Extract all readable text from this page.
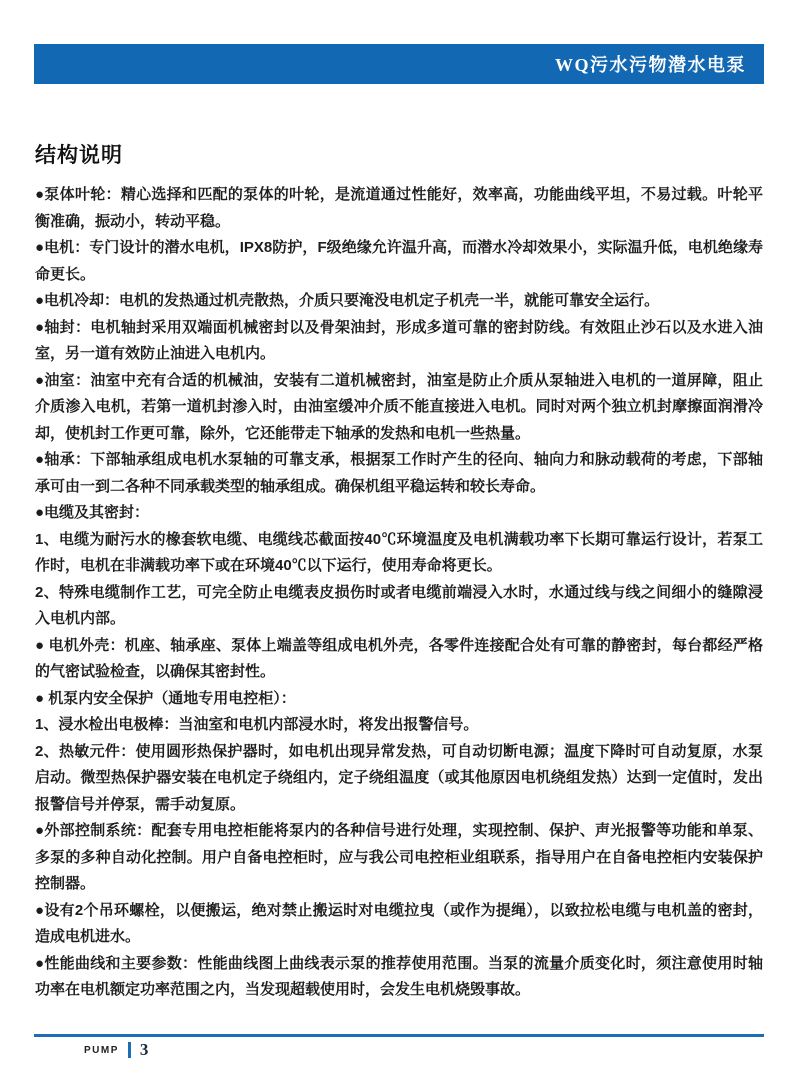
WQ污水污物潜水电泵
结构说明

●泵体叶轮：精心选择和匹配的泵体的叶轮，是流道通过性能好，效率高，功能曲线平坦，不易过载。叶轮平衡准确，振动小，转动平稳。

●电机：专门设计的潜水电机，IPX8防护，F级绝缘允许温升高，而潜水冷却效果小，实际温升低，电机绝缘寿命更长。

●电机冷却：电机的发热通过机壳散热，介质只要淹没电机定子机壳一半，就能可靠安全运行。

●轴封：电机轴封采用双端面机械密封以及骨架油封，形成多道可靠的密封防线。有效阻止沙石以及水进入油室，另一道有效防止油进入电机内。

●油室：油室中充有合适的机械油，安装有二道机械密封，油室是防止介质从泵轴进入电机的一道屏障，阻止介质渗入电机，若第一道机封渗入时，由油室缓冲介质不能直接进入电机。同时对两个独立机封摩擦面润滑冷却，使机封工作更可靠，除外，它还能带走下轴承的发热和电机一些热量。

●轴承：下部轴承组成电机水泵轴的可靠支承，根据泵工作时产生的径向、轴向力和脉动载荷的考虑，下部轴承可由一到二各种不同承载类型的轴承组成。确保机组平稳运转和较长寿命。

●电缆及其密封：

1、电缆为耐污水的橡套软电缆、电缆线芯截面按40℃环境温度及电机满载功率下长期可靠运行设计，若泵工作时，电机在非满载功率下或在环境40℃以下运行，使用寿命将更长。

2、特殊电缆制作工艺，可完全防止电缆表皮损伤时或者电缆前端浸入水时，水通过线与线之间细小的缝隙浸入电机内部。

● 电机外壳：机座、轴承座、泵体上端盖等组成电机外壳，各零件连接配合处有可靠的静密封，每台都经严格的气密试验检查，以确保其密封性。

● 机泵内安全保护（通地专用电控柜）：

1、浸水检出电极棒：当油室和电机内部浸水时，将发出报警信号。

2、热敏元件：使用圆形热保护器时，如电机出现异常发热，可自动切断电源；温度下降时可自动复原，水泵启动。微型热保护器安装在电机定子绕组内，定子绕组温度（或其他原因电机绕组发热）达到一定值时，发出报警信号并停泵，需手动复原。

●外部控制系统：配套专用电控柜能将泵内的各种信号进行处理，实现控制、保护、声光报警等功能和单泵、多泵的多种自动化控制。用户自备电控柜时，应与我公司电控柜业组联系，指导用户在自备电控柜内安装保护控制器。

●设有2个吊环螺栓，以便搬运，绝对禁止搬运时对电缆拉曳（或作为提绳），以致拉松电缆与电机盖的密封，造成电机进水。

●性能曲线和主要参数：性能曲线图上曲线表示泵的推荐使用范围。当泵的流量介质变化时，须注意使用时轴功率在电机额定功率范围之内，当发现超载使用时，会发生电机烧毁事故。

PUMP 3
